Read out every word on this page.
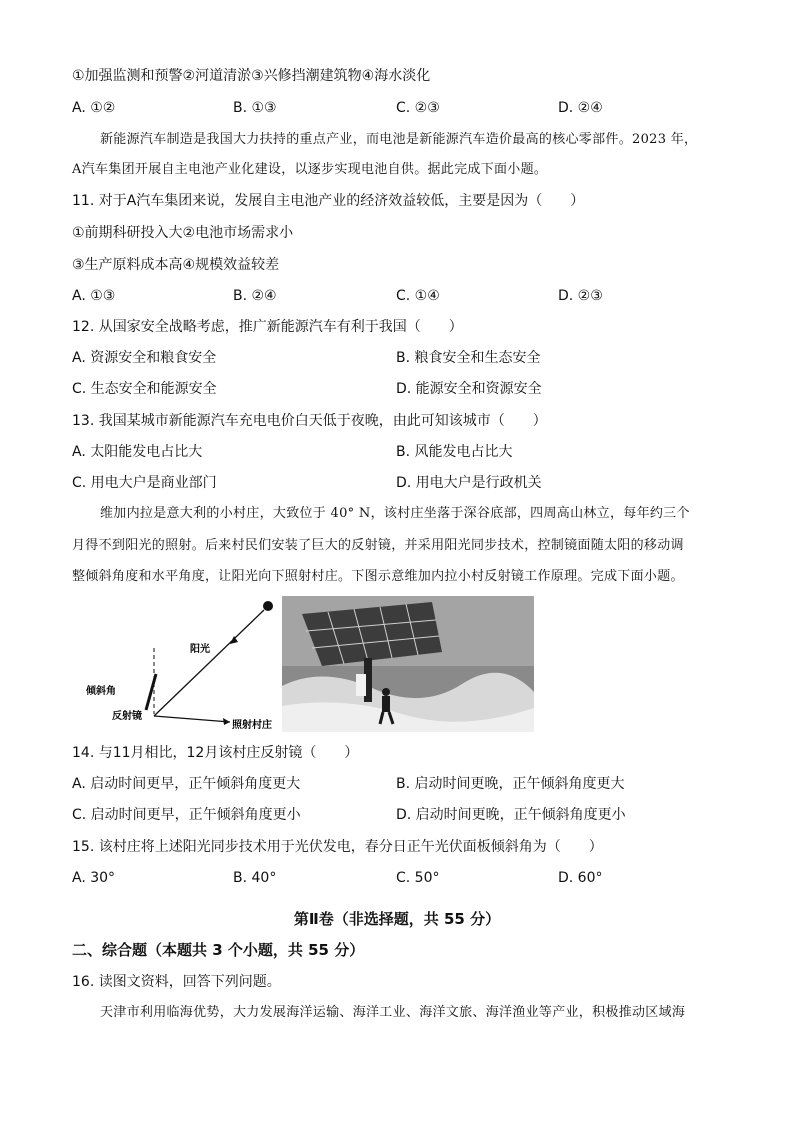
①加强监测和预警②河道清淤③兴修挡潮建筑物④海水淡化
A. ①②	B. ①③	C. ②③	D. ②④
新能源汽车制造是我国大力扶持的重点产业，而电池是新能源汽车造价最高的核心零部件。2023 年，
A汽车集团开展自主电池产业化建设，以逐步实现电池自供。据此完成下面小题。
11. 对于A汽车集团来说，发展自主电池产业的经济效益较低，主要是因为（　　）
①前期科研投入大②电池市场需求小
③生产原料成本高④规模效益较差
A. ①③	B. ②④	C. ①④	D. ②③
12. 从国家安全战略考虑，推广新能源汽车有利于我国（　　）
A. 资源安全和粮食安全	B. 粮食安全和生态安全
C. 生态安全和能源安全	D. 能源安全和资源安全
13. 我国某城市新能源汽车充电电价白天低于夜晚，由此可知该城市（　　）
A. 太阳能发电占比大	B. 风能发电占比大
C. 用电大户是商业部门	D. 用电大户是行政机关
维加内拉是意大利的小村庄，大致位于 40° N，该村庄坐落于深谷底部，四周高山林立，每年约三个
月得不到阳光的照射。后来村民们安装了巨大的反射镜，并采用阳光同步技术，控制镜面随太阳的移动调
整倾斜角度和水平角度，让阳光向下照射村庄。下图示意维加内拉小村反射镜工作原理。完成下面小题。
阳光
倾斜角
反射镜
照射村庄
14. 与11月相比，12月该村庄反射镜（　　）
A. 启动时间更早，正午倾斜角度更大	B. 启动时间更晚，正午倾斜角度更大
C. 启动时间更早，正午倾斜角度更小	D. 启动时间更晚，正午倾斜角度更小
15. 该村庄将上述阳光同步技术用于光伏发电，春分日正午光伏面板倾斜角为（　　）
A. 30°	B. 40°	C. 50°	D. 60°
第Ⅱ卷（非选择题，共 55 分）
二、综合题（本题共 3 个小题，共 55 分）
16. 读图文资料，回答下列问题。
天津市利用临海优势，大力发展海洋运输、海洋工业、海洋文旅、海洋渔业等产业，积极推动区域海
